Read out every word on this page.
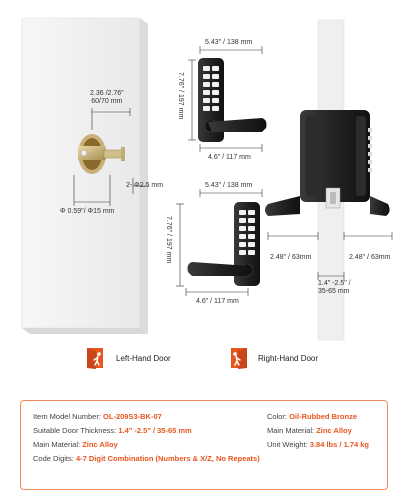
2.36 /2.76"
60/70 mm
Φ 0.59"/ Φ15 mm
2- Φ2.5 mm
5.43" / 138 mm
7.76" / 197 mm
4.6" / 117 mm
5.43" / 138 mm
7.76" / 197 mm
4.6" / 117 mm
2.48" / 63mm	2.48" / 63mm
1.4" -2.5" /
35-65 mm
Left-Hand Door	Right-Hand Door
Item Model Number: OL-209S3-BK-07	Color: Oil-Rubbed Bronze
Suitable Door Thickness: 1.4" -2.5" / 35-65 mm	Main Material: Zinc Alloy
Main Material: Zinc Alloy	Unit Weight: 3.84 lbs / 1.74 kg
Code Digits: 4-7 Digit Combination (Numbers & X/Z, No Repeats)
